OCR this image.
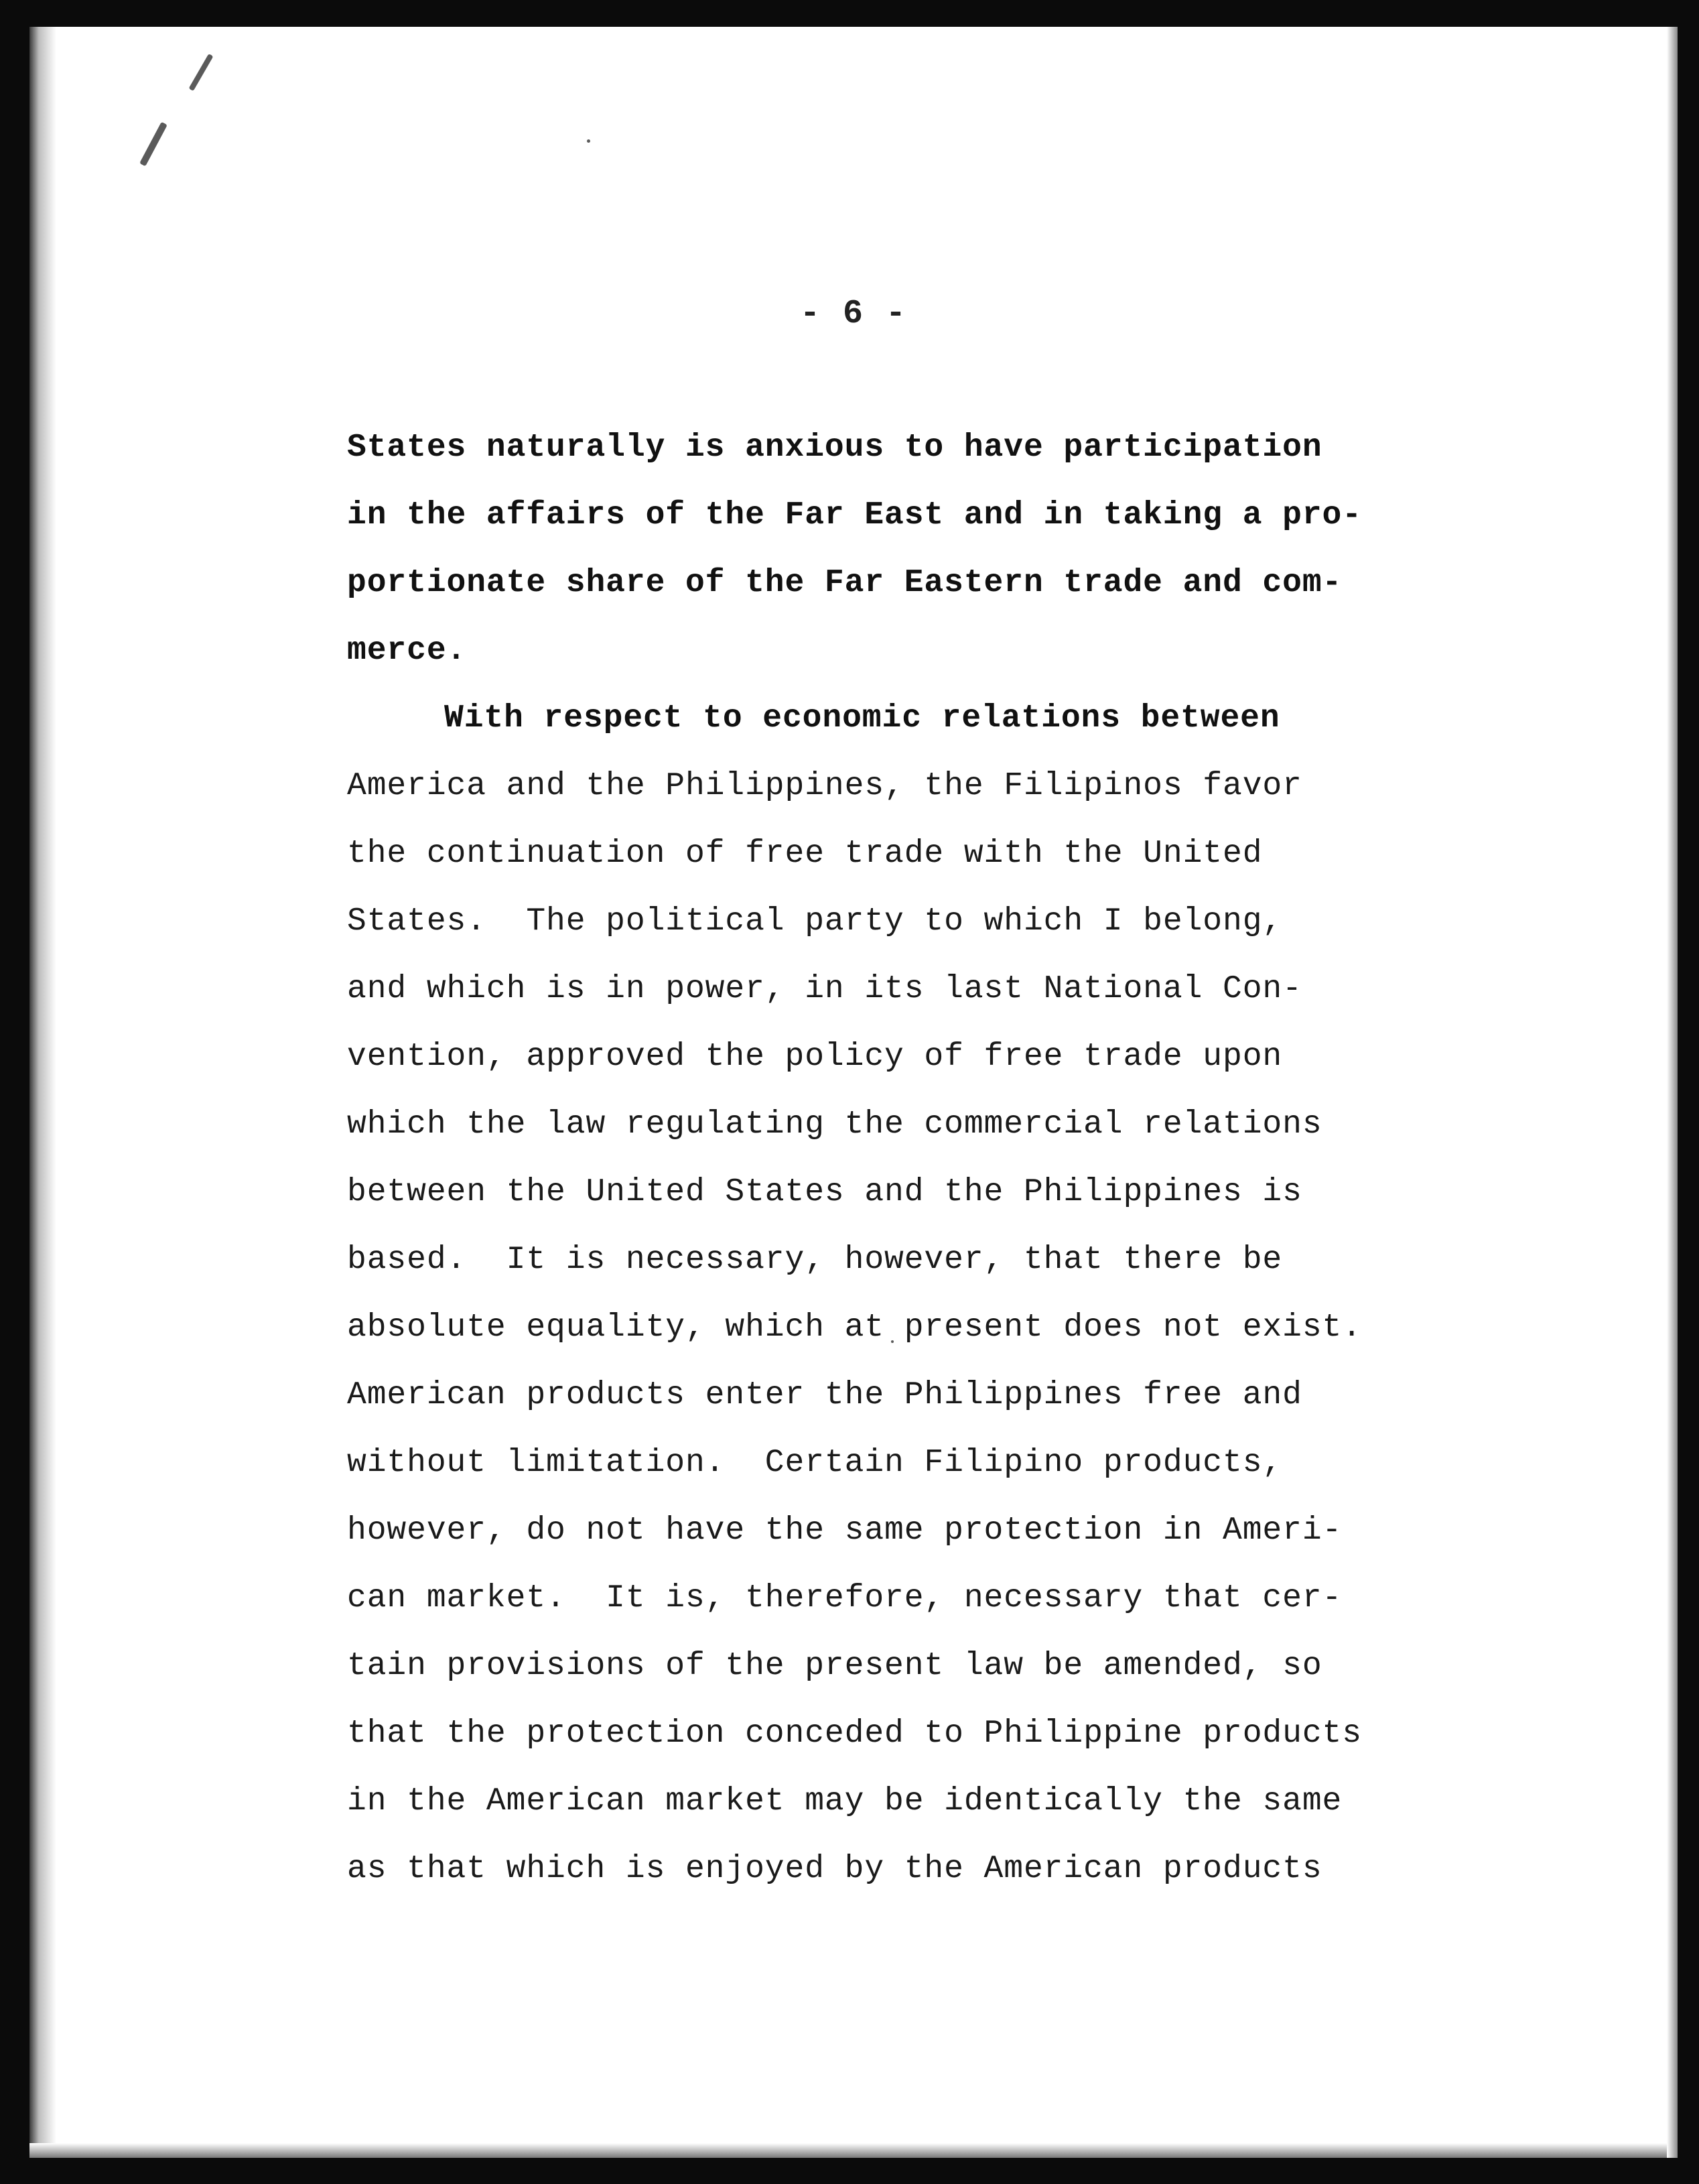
- 6 -
States naturally is anxious to have participation
in the affairs of the Far East and in taking a pro-
portionate share of the Far Eastern trade and com-
merce.
With respect to economic relations between
America and the Philippines, the Filipinos favor
the continuation of free trade with the United
States.  The political party to which I belong,
and which is in power, in its last National Con-
vention, approved the policy of free trade upon
which the law regulating the commercial relations
between the United States and the Philippines is
based.  It is necessary, however, that there be
absolute equality, which at present does not exist.
American products enter the Philippines free and
without limitation.  Certain Filipino products,
however, do not have the same protection in Ameri-
can market.  It is, therefore, necessary that cer-
tain provisions of the present law be amended, so
that the protection conceded to Philippine products
in the American market may be identically the same
as that which is enjoyed by the American products
